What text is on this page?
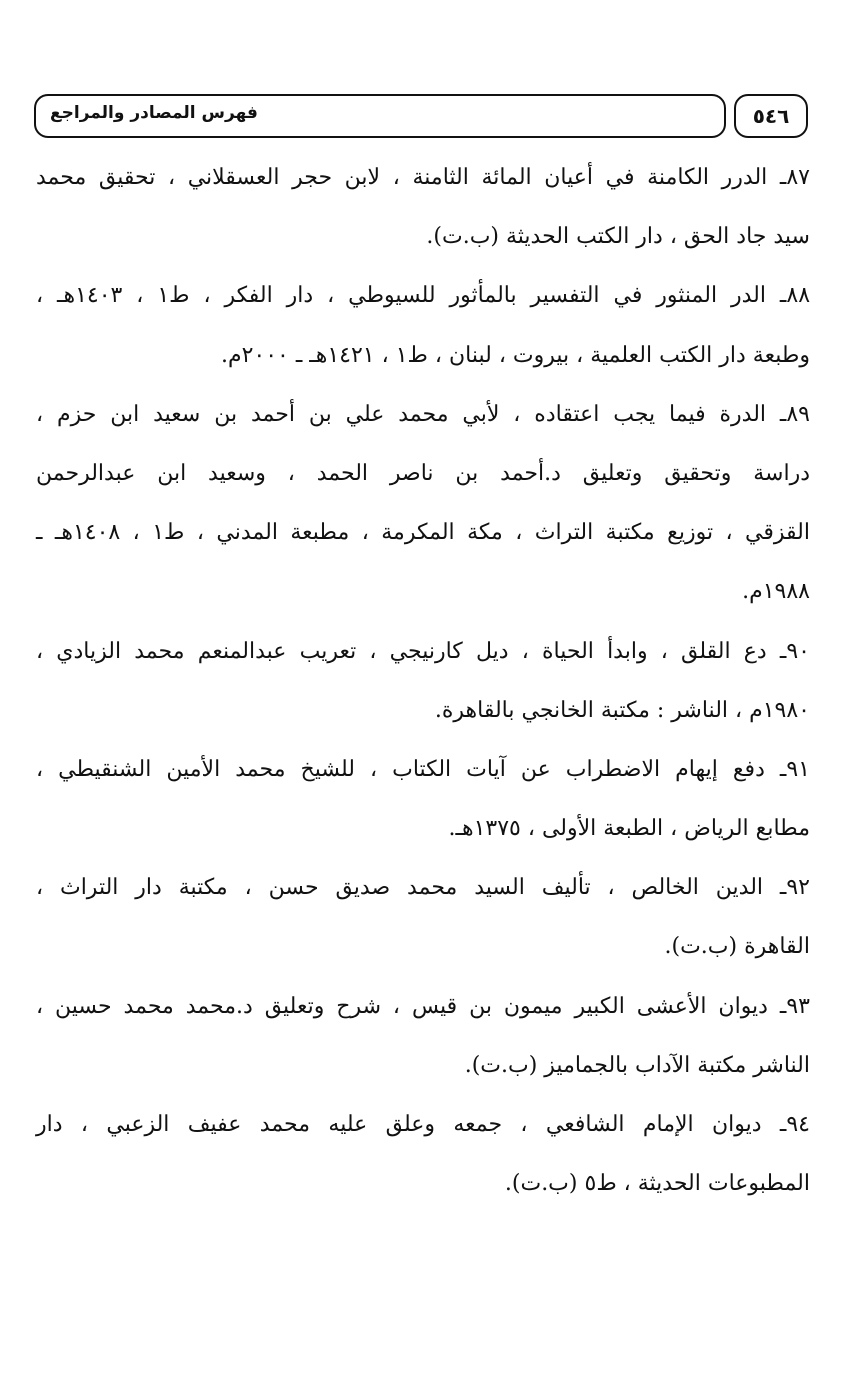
فهرس المصادر والمراجع	٥٤٦
٨٧ـ الدرر الكامنة في أعيان المائة الثامنة ، لابن حجر العسقلاني ، تحقيق محمد
سيد جاد الحق ، دار الكتب الحديثة (ب.ت).
٨٨ـ الدر المنثور في التفسير بالمأثور للسيوطي ، دار الفكر ، ط١ ، ١٤٠٣هـ ،
وطبعة دار الكتب العلمية ، بيروت ، لبنان ، ط١ ، ١٤٢١هـ ـ ٢٠٠٠م.
٨٩ـ الدرة فيما يجب اعتقاده ، لأبي محمد علي بن أحمد بن سعيد ابن حزم ،
دراسة وتحقيق وتعليق د.أحمد بن ناصر الحمد ، وسعيد ابن عبدالرحمن
القزقي ، توزيع مكتبة التراث ، مكة المكرمة ، مطبعة المدني ، ط١ ، ١٤٠٨هـ ـ
١٩٨٨م.
٩٠ـ دع القلق ، وابدأ الحياة ، ديل كارنيجي ، تعريب عبدالمنعم محمد الزيادي ،
١٩٨٠م ، الناشر : مكتبة الخانجي بالقاهرة.
٩١ـ دفع إيهام الاضطراب عن آيات الكتاب ، للشيخ محمد الأمين الشنقيطي ،
مطابع الرياض ، الطبعة الأولى ، ١٣٧٥هـ.
٩٢ـ الدين الخالص ، تأليف السيد محمد صديق حسن ، مكتبة دار التراث ،
القاهرة (ب.ت).
٩٣ـ ديوان الأعشى الكبير ميمون بن قيس ، شرح وتعليق د.محمد محمد حسين ،
الناشر مكتبة الآداب بالجماميز (ب.ت).
٩٤ـ ديوان الإمام الشافعي ، جمعه وعلق عليه محمد عفيف الزعبي ، دار
المطبوعات الحديثة ، ط٥ (ب.ت).
